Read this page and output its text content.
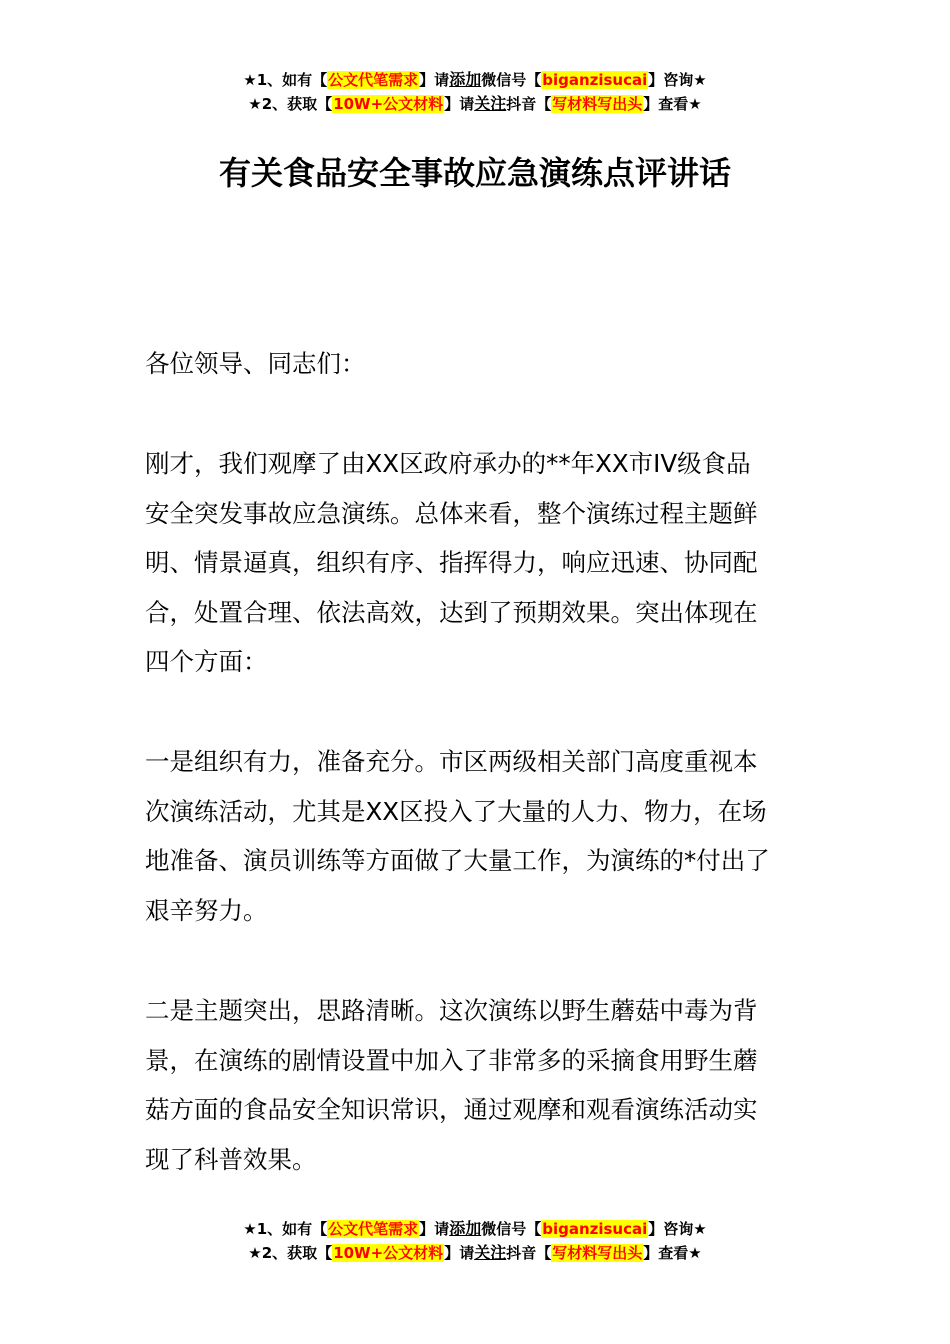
★1、如有【公文代笔需求】请添加微信号【biganzisucai】咨询★
★2、获取【10W+公文材料】请关注抖音【写材料写出头】查看★
有关食品安全事故应急演练点评讲话
各位领导、同志们：
刚才，我们观摩了由XX区政府承办的**年XX市IV级食品
安全突发事故应急演练。总体来看，整个演练过程主题鲜
明、情景逼真，组织有序、指挥得力，响应迅速、协同配
合，处置合理、依法高效，达到了预期效果。突出体现在
四个方面：
一是组织有力，准备充分。市区两级相关部门高度重视本
次演练活动，尤其是XX区投入了大量的人力、物力，在场
地准备、演员训练等方面做了大量工作，为演练的*付出了
艰辛努力。
二是主题突出，思路清晰。这次演练以野生蘑菇中毒为背
景，在演练的剧情设置中加入了非常多的采摘食用野生蘑
菇方面的食品安全知识常识，通过观摩和观看演练活动实
现了科普效果。
★1、如有【公文代笔需求】请添加微信号【biganzisucai】咨询★
★2、获取【10W+公文材料】请关注抖音【写材料写出头】查看★
